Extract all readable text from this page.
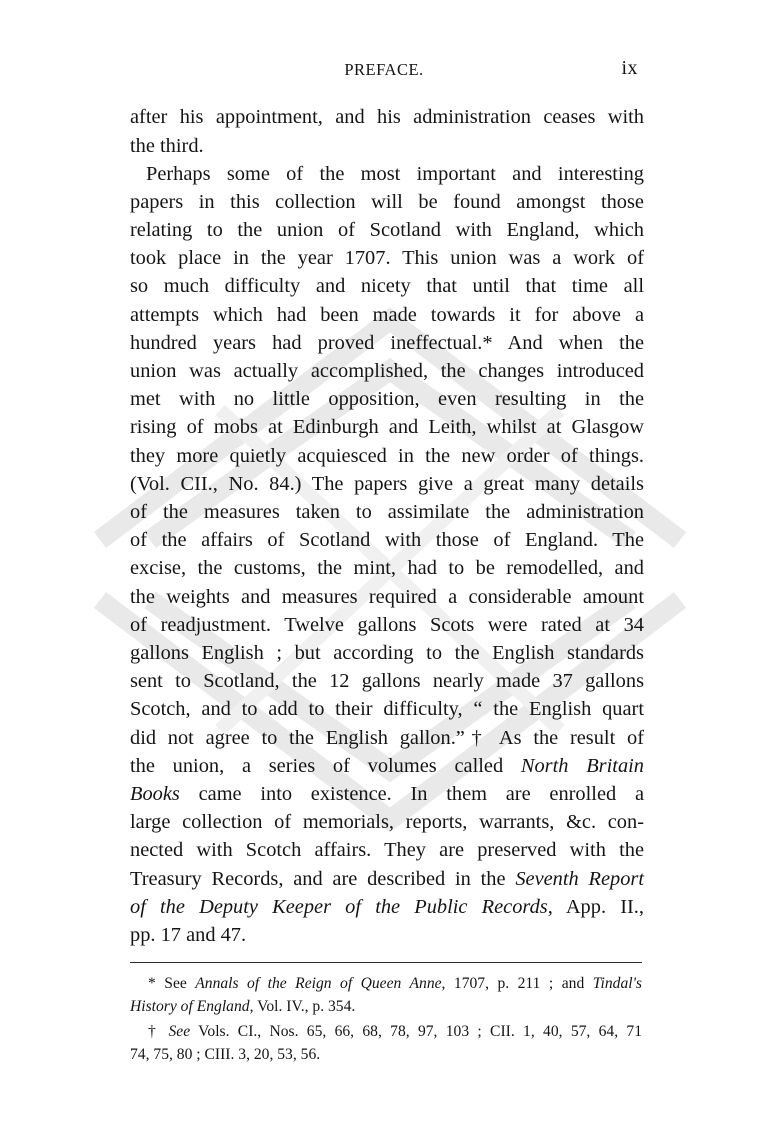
PREFACE.	ix
after his appointment, and his administration ceases with
the third.
Perhaps some of the most important and interesting
papers in this collection will be found amongst those
relating to the union of Scotland with England, which
took place in the year 1707. This union was a work of
so much difficulty and nicety that until that time all
attempts which had been made towards it for above a
hundred years had proved ineffectual.* And when the
union was actually accomplished, the changes introduced
met with no little opposition, even resulting in the
rising of mobs at Edinburgh and Leith, whilst at Glasgow
they more quietly acquiesced in the new order of things.
(Vol. CII., No. 84.) The papers give a great many details
of the measures taken to assimilate the administration
of the affairs of Scotland with those of England. The
excise, the customs, the mint, had to be remodelled, and
the weights and measures required a considerable amount
of readjustment. Twelve gallons Scots were rated at 34
gallons English ; but according to the English standards
sent to Scotland, the 12 gallons nearly made 37 gallons
Scotch, and to add to their difficulty, “ the English quart
did not agree to the English gallon.”† As the result of
the union, a series of volumes called North Britain
Books came into existence. In them are enrolled a
large collection of memorials, reports, warrants, &c. con-
nected with Scotch affairs. They are preserved with the
Treasury Records, and are described in the Seventh Report
of the Deputy Keeper of the Public Records, App. II.,
pp. 17 and 47.
* See Annals of the Reign of Queen Anne, 1707, p. 211 ; and Tindal's
History of England, Vol. IV., p. 354.
† See Vols. CI., Nos. 65, 66, 68, 78, 97, 103 ; CII. 1, 40, 57, 64, 71
74, 75, 80 ; CIII. 3, 20, 53, 56.
